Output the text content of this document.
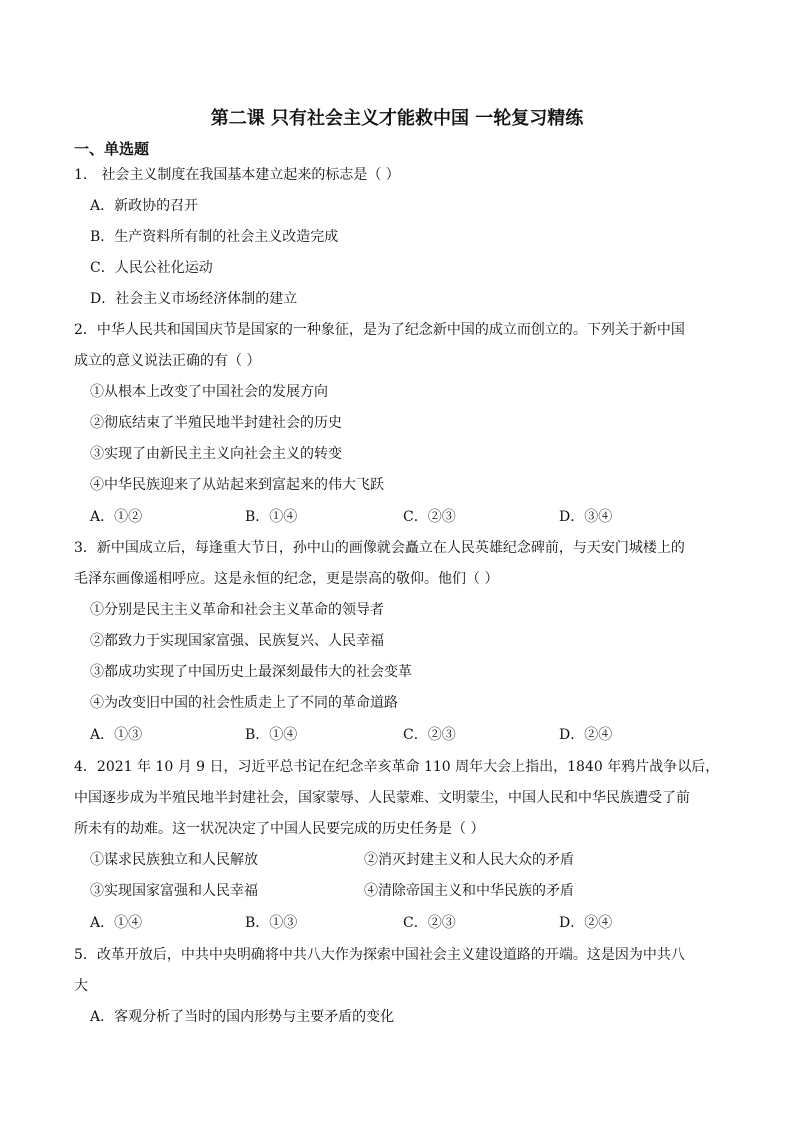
第二课 只有社会主义才能救中国 一轮复习精练
一、单选题
1． 社会主义制度在我国基本建立起来的标志是（ ）
A．新政协的召开
B．生产资料所有制的社会主义改造完成
C．人民公社化运动
D．社会主义市场经济体制的建立
2．中华人民共和国国庆节是国家的一种象征，是为了纪念新中国的成立而创立的。下列关于新中国
成立的意义说法正确的有（ ）
①从根本上改变了中国社会的发展方向
②彻底结束了半殖民地半封建社会的历史
③实现了由新民主主义向社会主义的转变
④中华民族迎来了从站起来到富起来的伟大飞跃
A．①②	B．①④	C．②③	D．③④
3．新中国成立后，每逢重大节日，孙中山的画像就会矗立在人民英雄纪念碑前，与天安门城楼上的
毛泽东画像遥相呼应。这是永恒的纪念，更是崇高的敬仰。他们（ ）
①分别是民主主义革命和社会主义革命的领导者
②都致力于实现国家富强、民族复兴、人民幸福
③都成功实现了中国历史上最深刻最伟大的社会变革
④为改变旧中国的社会性质走上了不同的革命道路
A．①③	B．①④	C．②③	D．②④
4．2021 年 10 月 9 日，习近平总书记在纪念辛亥革命 110 周年大会上指出，1840 年鸦片战争以后，
中国逐步成为半殖民地半封建社会，国家蒙辱、人民蒙难、文明蒙尘，中国人民和中华民族遭受了前
所未有的劫难。这一状况决定了中国人民要完成的历史任务是（ ）
①谋求民族独立和人民解放	②消灭封建主义和人民大众的矛盾
③实现国家富强和人民幸福	④清除帝国主义和中华民族的矛盾
A．①④	B．①③	C．②③	D．②④
5．改革开放后，中共中央明确将中共八大作为探索中国社会主义建设道路的开端。这是因为中共八
大
A．客观分析了当时的国内形势与主要矛盾的变化
